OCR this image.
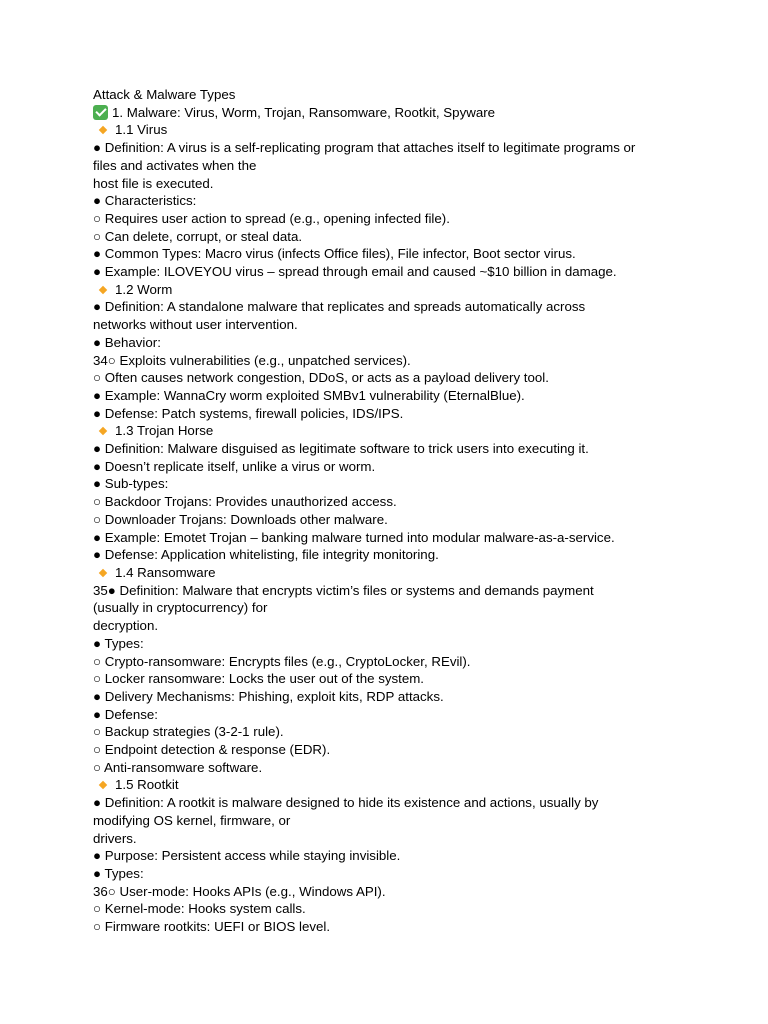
Attack & Malware Types
1. Malware: Virus, Worm, Trojan, Ransomware, Rootkit, Spyware
1.1 Virus
● Definition: A virus is a self-replicating program that attaches itself to legitimate programs or
files and activates when the
host file is executed.
● Characteristics:
○ Requires user action to spread (e.g., opening infected file).
○ Can delete, corrupt, or steal data.
● Common Types: Macro virus (infects Office files), File infector, Boot sector virus.
● Example: ILOVEYOU virus – spread through email and caused ~$10 billion in damage.
1.2 Worm
● Definition: A standalone malware that replicates and spreads automatically across
networks without user intervention.
● Behavior:
34○ Exploits vulnerabilities (e.g., unpatched services).
○ Often causes network congestion, DDoS, or acts as a payload delivery tool.
● Example: WannaCry worm exploited SMBv1 vulnerability (EternalBlue).
● Defense: Patch systems, firewall policies, IDS/IPS.
1.3 Trojan Horse
● Definition: Malware disguised as legitimate software to trick users into executing it.
● Doesn’t replicate itself, unlike a virus or worm.
● Sub-types:
○ Backdoor Trojans: Provides unauthorized access.
○ Downloader Trojans: Downloads other malware.
● Example: Emotet Trojan – banking malware turned into modular malware-as-a-service.
● Defense: Application whitelisting, file integrity monitoring.
1.4 Ransomware
35● Definition: Malware that encrypts victim’s files or systems and demands payment
(usually in cryptocurrency) for
decryption.
● Types:
○ Crypto-ransomware: Encrypts files (e.g., CryptoLocker, REvil).
○ Locker ransomware: Locks the user out of the system.
● Delivery Mechanisms: Phishing, exploit kits, RDP attacks.
● Defense:
○ Backup strategies (3-2-1 rule).
○ Endpoint detection & response (EDR).
○ Anti-ransomware software.
1.5 Rootkit
● Definition: A rootkit is malware designed to hide its existence and actions, usually by
modifying OS kernel, firmware, or
drivers.
● Purpose: Persistent access while staying invisible.
● Types:
36○ User-mode: Hooks APIs (e.g., Windows API).
○ Kernel-mode: Hooks system calls.
○ Firmware rootkits: UEFI or BIOS level.
